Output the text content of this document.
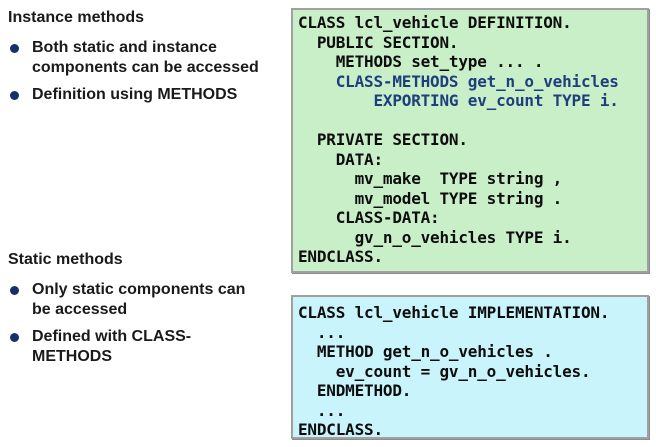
Instance methods
Both static and instance components can be accessed
Definition using METHODS
Static methods
Only static components can be accessed
Defined with CLASS-METHODS
CLASS lcl_vehicle DEFINITION.
PUBLIC SECTION.
METHODS set_type ... .
CLASS-METHODS get_n_o_vehicles
EXPORTING ev_count TYPE i.
PRIVATE SECTION.
DATA:
mv_make  TYPE string ,
mv_model TYPE string .
CLASS-DATA:
gv_n_o_vehicles TYPE i.
ENDCLASS.
CLASS lcl_vehicle IMPLEMENTATION.
...
METHOD get_n_o_vehicles .
ev_count = gv_n_o_vehicles.
ENDMETHOD.
...
ENDCLASS.
